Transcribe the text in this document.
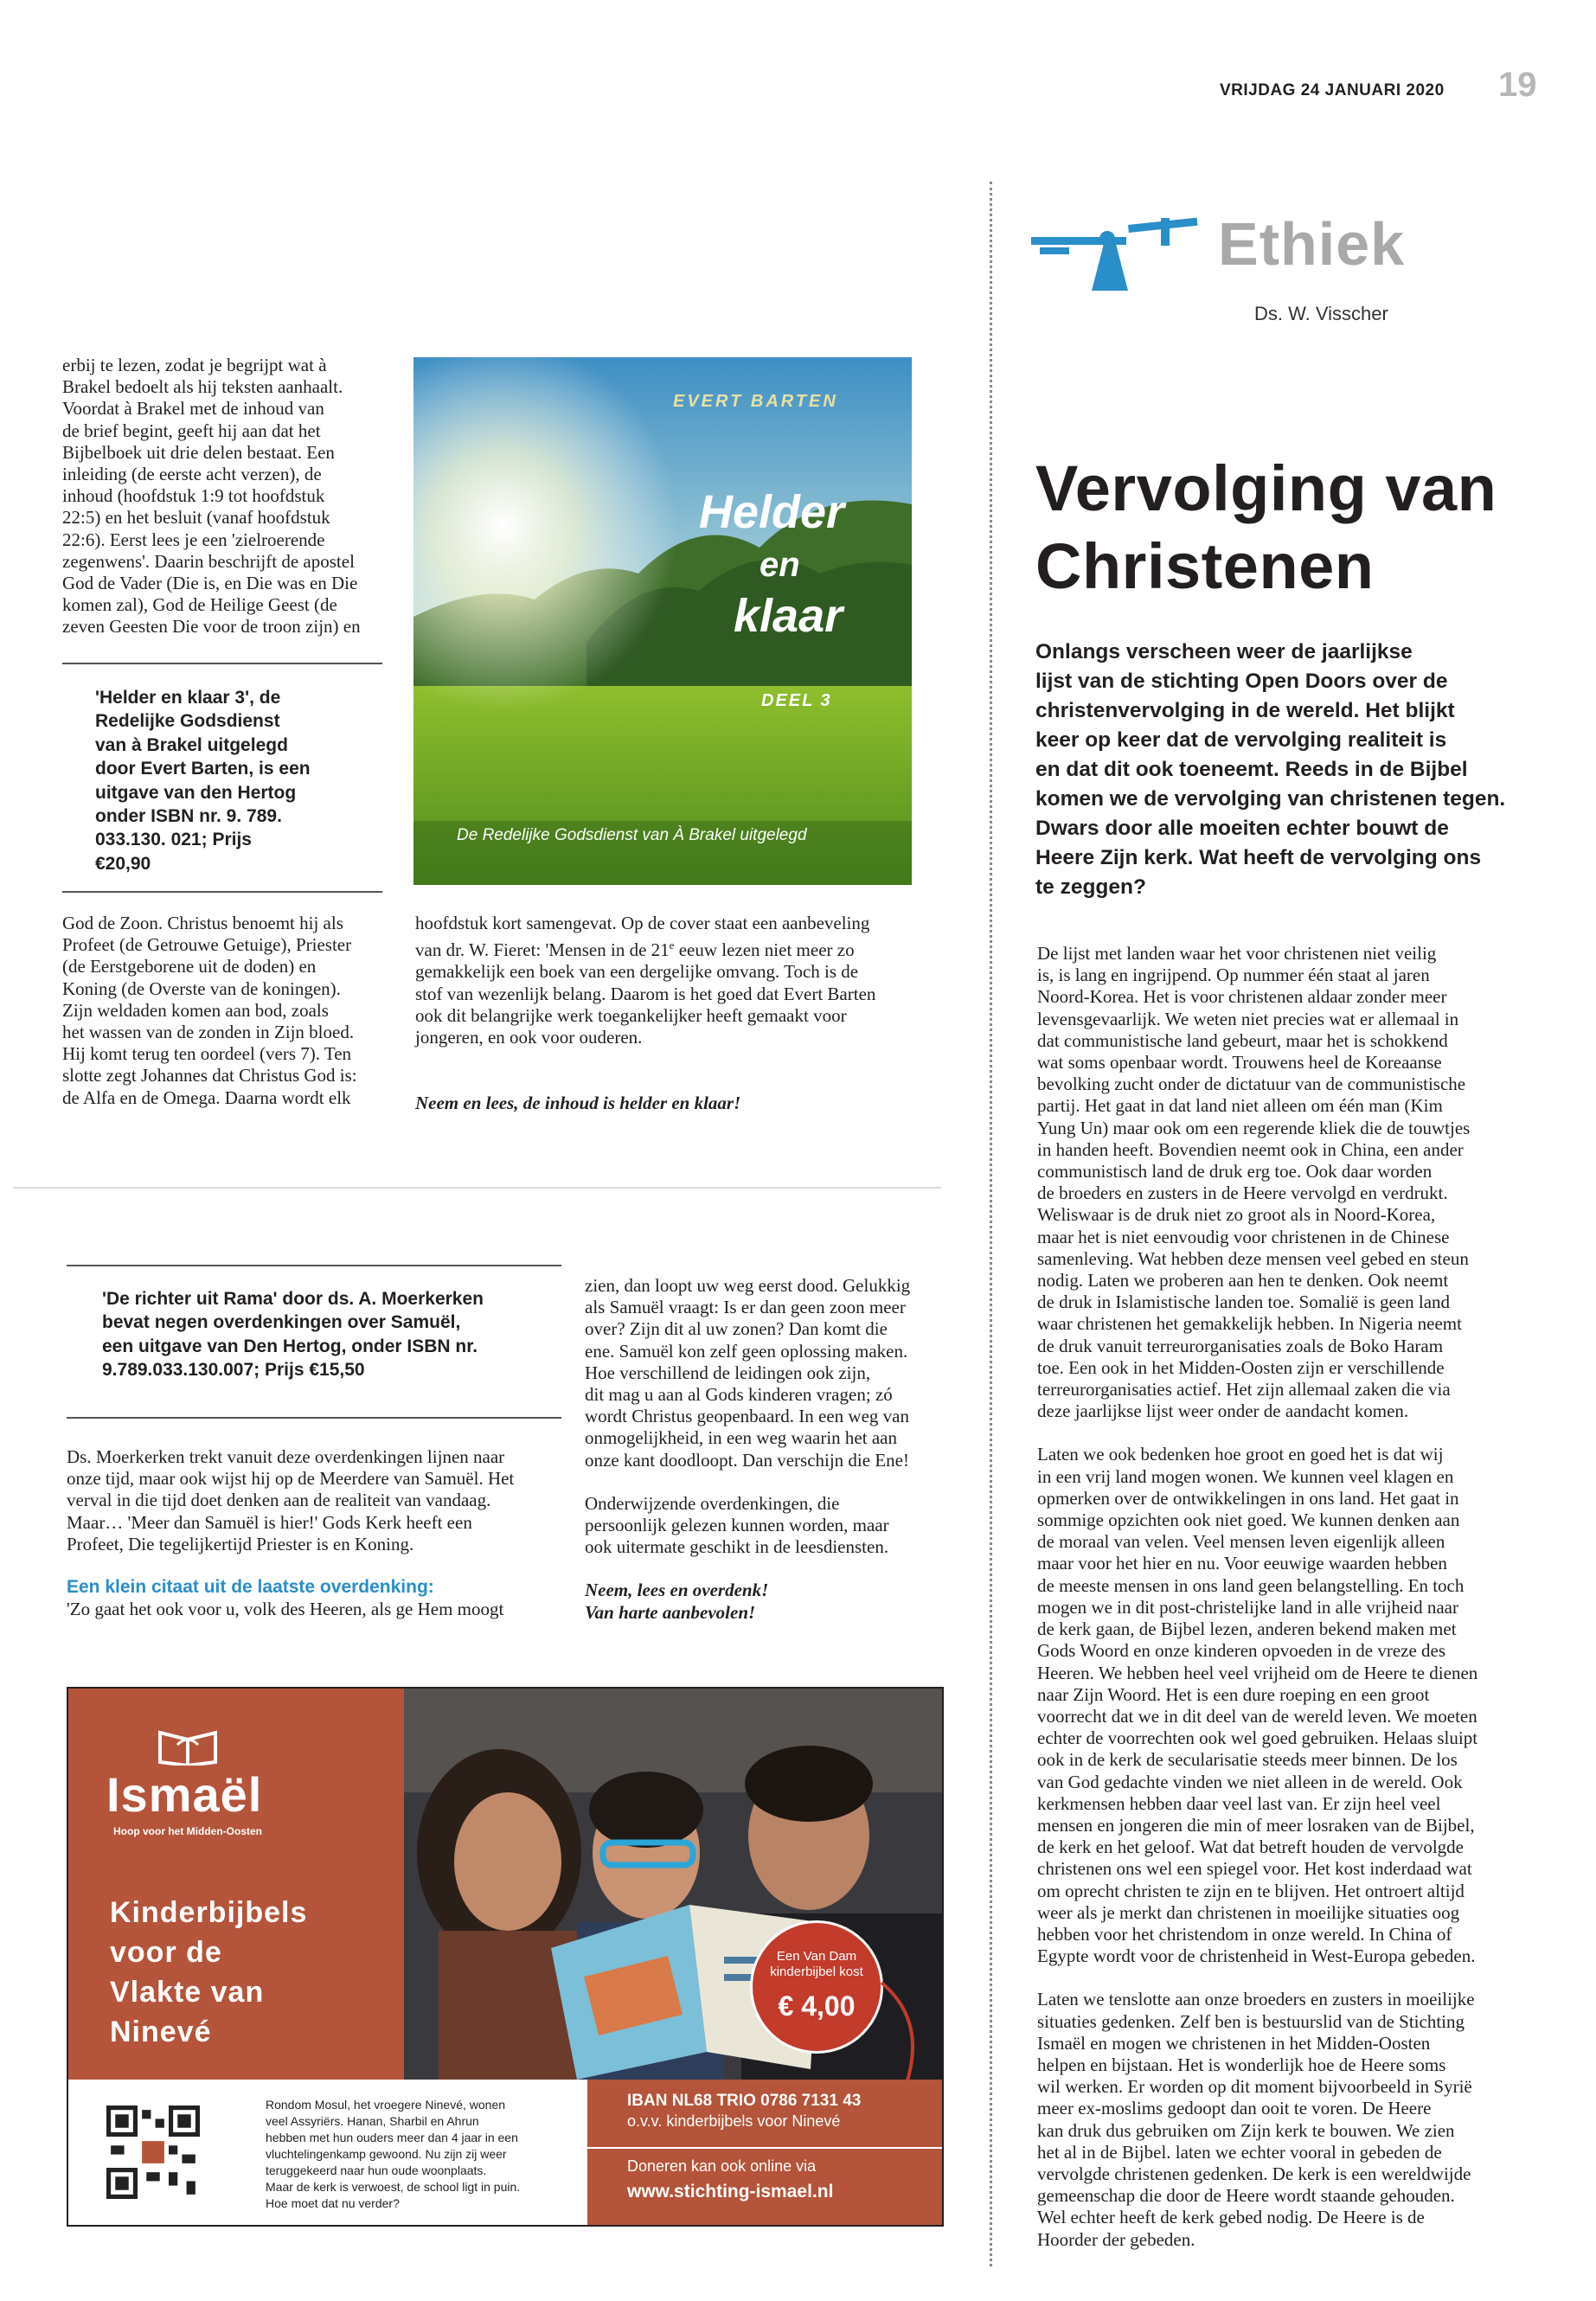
VRIJDAG 24 JANUARI 2020 19
Ethiek
Ds. W. Visscher
Vervolging van
Christenen

Onlangs verscheen weer de jaarlijkse
lijst van de stichting Open Doors over de
christenvervolging in de wereld. Het blijkt
keer op keer dat de vervolging realiteit is
en dat dit ook toeneemt. Reeds in de Bijbel
komen we de vervolging van christenen tegen.
Dwars door alle moeiten echter bouwt de
Heere Zijn kerk. Wat heeft de vervolging ons
te zeggen?

De lijst met landen waar het voor christenen niet veilig
is, is lang en ingrijpend. Op nummer één staat al jaren
Noord-Korea. Het is voor christenen aldaar zonder meer
levensgevaarlijk. We weten niet precies wat er allemaal in
dat communistische land gebeurt, maar het is schokkend
wat soms openbaar wordt. Trouwens heel de Koreaanse
bevolking zucht onder de dictatuur van de communistische
partij. Het gaat in dat land niet alleen om één man (Kim
Yung Un) maar ook om een regerende kliek die de touwtjes
in handen heeft. Bovendien neemt ook in China, een ander
communistisch land de druk erg toe. Ook daar worden
de broeders en zusters in de Heere vervolgd en verdrukt.
Weliswaar is de druk niet zo groot als in Noord-Korea,
maar het is niet eenvoudig voor christenen in de Chinese
samenleving. Wat hebben deze mensen veel gebed en steun
nodig. Laten we proberen aan hen te denken. Ook neemt
de druk in Islamistische landen toe. Somalië is geen land
waar christenen het gemakkelijk hebben. In Nigeria neemt
de druk vanuit terreurorganisaties zoals de Boko Haram
toe. Een ook in het Midden-Oosten zijn er verschillende
terreurorganisaties actief. Het zijn allemaal zaken die via
deze jaarlijkse lijst weer onder de aandacht komen.

Laten we ook bedenken hoe groot en goed het is dat wij
in een vrij land mogen wonen. We kunnen veel klagen en
opmerken over de ontwikkelingen in ons land. Het gaat in
sommige opzichten ook niet goed. We kunnen denken aan
de moraal van velen. Veel mensen leven eigenlijk alleen
maar voor het hier en nu. Voor eeuwige waarden hebben
de meeste mensen in ons land geen belangstelling. En toch
mogen we in dit post-christelijke land in alle vrijheid naar
de kerk gaan, de Bijbel lezen, anderen bekend maken met
Gods Woord en onze kinderen opvoeden in de vreze des
Heeren. We hebben heel veel vrijheid om de Heere te dienen
naar Zijn Woord. Het is een dure roeping en een groot
voorrecht dat we in dit deel van de wereld leven. We moeten
echter de voorrechten ook wel goed gebruiken. Helaas sluipt
ook in de kerk de secularisatie steeds meer binnen. De los
van God gedachte vinden we niet alleen in de wereld. Ook
kerkmensen hebben daar veel last van. Er zijn heel veel
mensen en jongeren die min of meer losraken van de Bijbel,
de kerk en het geloof. Wat dat betreft houden de vervolgde
christenen ons wel een spiegel voor. Het kost inderdaad wat
om oprecht christen te zijn en te blijven. Het ontroert altijd
weer als je merkt dan christenen in moeilijke situaties oog
hebben voor het christendom in onze wereld. In China of
Egypte wordt voor de christenheid in West-Europa gebeden.

Laten we tenslotte aan onze broeders en zusters in moeilijke
situaties gedenken. Zelf ben is bestuurslid van de Stichting
Ismaël en mogen we christenen in het Midden-Oosten
helpen en bijstaan. Het is wonderlijk hoe de Heere soms
wil werken. Er worden op dit moment bijvoorbeeld in Syrië
meer ex-moslims gedoopt dan ooit te voren. De Heere
kan druk dus gebruiken om Zijn kerk te bouwen. We zien
het al in de Bijbel. laten we echter vooral in gebeden de
vervolgde christenen gedenken. De kerk is een wereldwijde
gemeenschap die door de Heere wordt staande gehouden.
Wel echter heeft de kerk gebed nodig. De Heere is de
Hoorder der gebeden.

erbij te lezen, zodat je begrijpt wat à
Brakel bedoelt als hij teksten aanhaalt.
Voordat à Brakel met de inhoud van
de brief begint, geeft hij aan dat het
Bijbelboek uit drie delen bestaat. Een
inleiding (de eerste acht verzen), de
inhoud (hoofdstuk 1:9 tot hoofdstuk
22:5) en het besluit (vanaf hoofdstuk
22:6). Eerst lees je een 'zielroerende
zegenwens'. Daarin beschrijft de apostel
God de Vader (Die is, en Die was en Die
komen zal), God de Heilige Geest (de
zeven Geesten Die voor de troon zijn) en

'Helder en klaar 3', de
Redelijke Godsdienst
van à Brakel uitgelegd
door Evert Barten, is een
uitgave van den Hertog
onder ISBN nr. 9. 789.
033.130. 021; Prijs
€20,90

God de Zoon. Christus benoemt hij als
Profeet (de Getrouwe Getuige), Priester
(de Eerstgeborene uit de doden) en
Koning (de Overste van de koningen).
Zijn weldaden komen aan bod, zoals
het wassen van de zonden in Zijn bloed.
Hij komt terug ten oordeel (vers 7). Ten
slotte zegt Johannes dat Christus God is:
de Alfa en de Omega. Daarna wordt elk

hoofdstuk kort samengevat. Op de cover staat een aanbeveling
van dr. W. Fieret: 'Mensen in de 21e eeuw lezen niet meer zo
gemakkelijk een boek van een dergelijke omvang. Toch is de
stof van wezenlijk belang. Daarom is het goed dat Evert Barten
ook dit belangrijke werk toegankelijker heeft gemaakt voor
jongeren, en ook voor ouderen.

Neem en lees, de inhoud is helder en klaar!
EVERT BARTEN
Helder
en
klaar
DEEL 3
De Redelijke Godsdienst van À Brakel uitgelegd

'De richter uit Rama' door ds. A. Moerkerken
bevat negen overdenkingen over Samuël,
een uitgave van Den Hertog, onder ISBN nr.
9.789.033.130.007; Prijs €15,50

Ds. Moerkerken trekt vanuit deze overdenkingen lijnen naar
onze tijd, maar ook wijst hij op de Meerdere van Samuël. Het
verval in die tijd doet denken aan de realiteit van vandaag.
Maar… 'Meer dan Samuël is hier!' Gods Kerk heeft een
Profeet, Die tegelijkertijd Priester is en Koning.

Een klein citaat uit de laatste overdenking:
'Zo gaat het ook voor u, volk des Heeren, als ge Hem moogt

zien, dan loopt uw weg eerst dood. Gelukkig
als Samuël vraagt: Is er dan geen zoon meer
over? Zijn dit al uw zonen? Dan komt die
ene. Samuël kon zelf geen oplossing maken.
Hoe verschillend de leidingen ook zijn,
dit mag u aan al Gods kinderen vragen; zó
wordt Christus geopenbaard. In een weg van
onmogelijkheid, in een weg waarin het aan
onze kant doodloopt. Dan verschijn die Ene!

Onderwijzende overdenkingen, die
persoonlijk gelezen kunnen worden, maar
ook uitermate geschikt in de leesdiensten.

Neem, lees en overdenk!
Van harte aanbevolen!

Ismaël
Hoop voor het Midden-Oosten
Kinderbijbels
voor de
Vlakte van
Ninevé
Een Van Dam
kinderbijbel kost
€ 4,00
Rondom Mosul, het vroegere Ninevé, wonen
veel Assyriërs. Hanan, Sharbil en Ahrun
hebben met hun ouders meer dan 4 jaar in een
vluchtelingenkamp gewoond. Nu zijn zij weer
teruggekeerd naar hun oude woonplaats.
Maar de kerk is verwoest, de school ligt in puin.
Hoe moet dat nu verder?
IBAN NL68 TRIO 0786 7131 43
o.v.v. kinderbijbels voor Ninevé
Doneren kan ook online via
www.stichting-ismael.nl
